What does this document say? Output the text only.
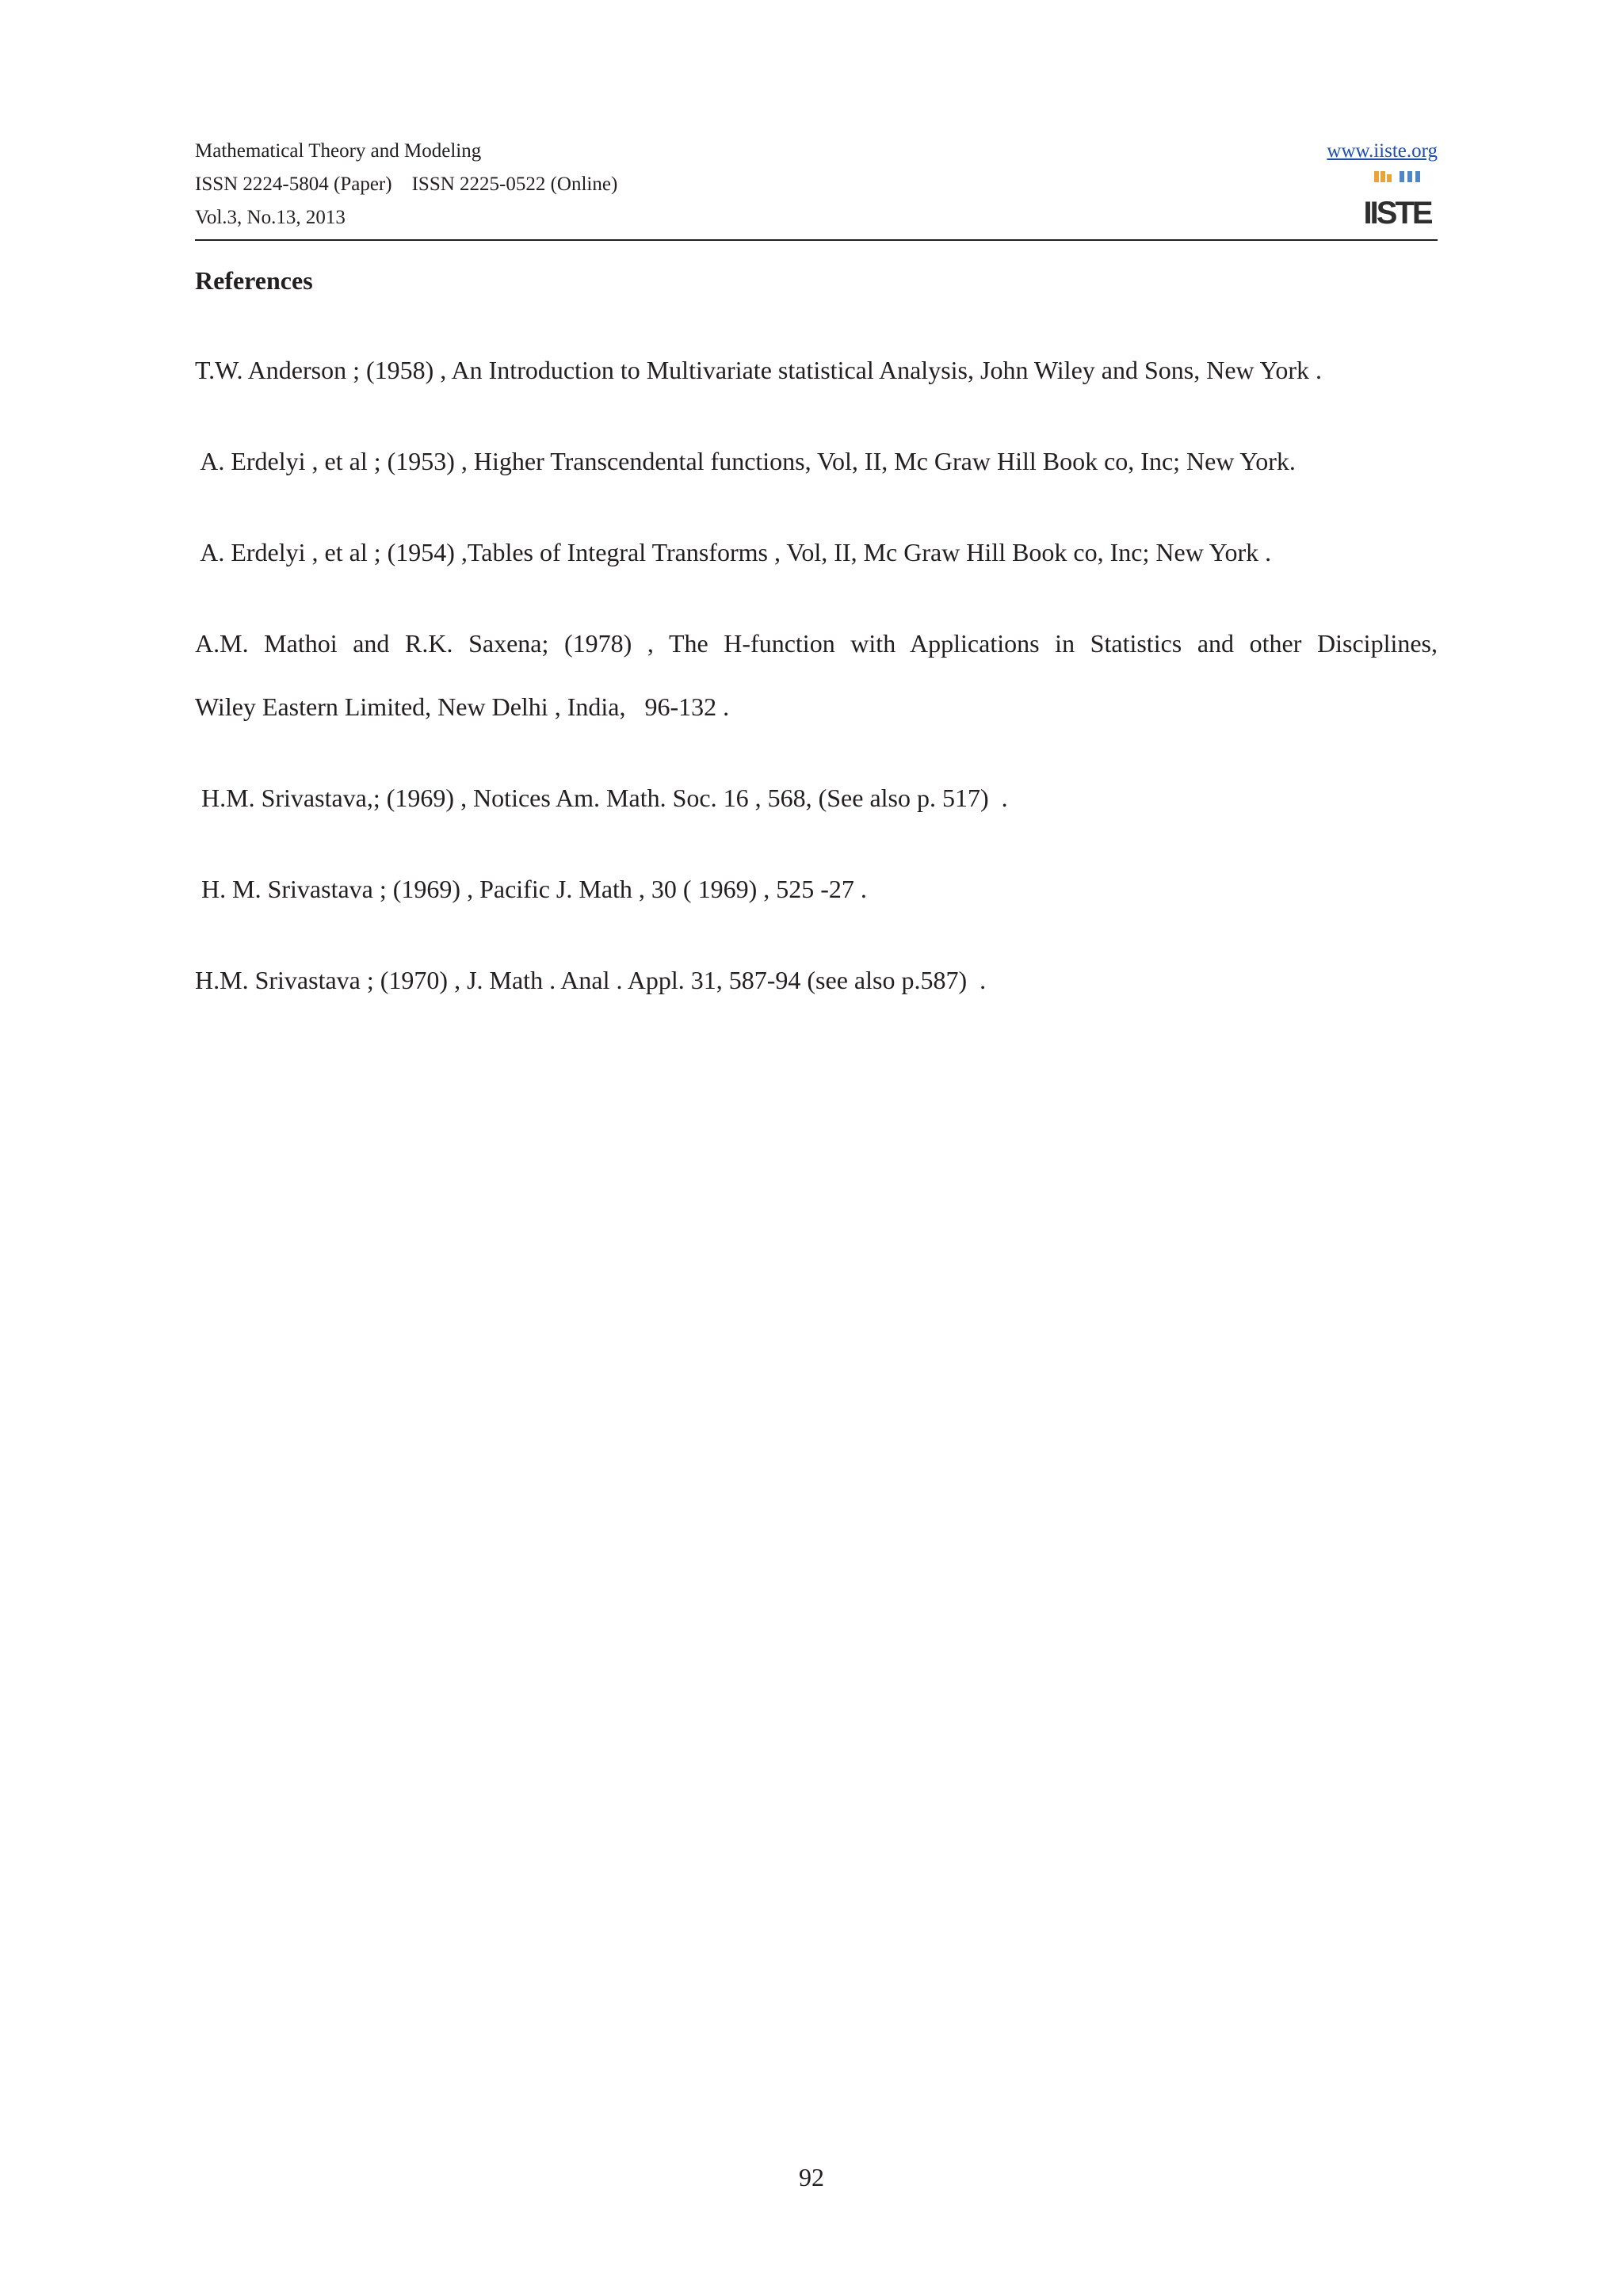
Mathematical Theory and Modeling
ISSN 2224-5804 (Paper)    ISSN 2225-0522 (Online)
Vol.3, No.13, 2013
www.iiste.org
IISTE
References
T.W. Anderson ; (1958) , An Introduction to Multivariate statistical Analysis, John Wiley and Sons, New York .
A. Erdelyi , et al ; (1953) , Higher Transcendental functions, Vol, II, Mc Graw Hill Book co, Inc; New York.
A. Erdelyi , et al ; (1954) ,Tables of Integral Transforms , Vol, II, Mc Graw Hill Book co, Inc; New York .
A.M. Mathoi and R.K. Saxena; (1978) , The H-function with Applications in Statistics and other Disciplines,
Wiley Eastern Limited, New Delhi , India,   96-132 .
H.M. Srivastava,; (1969) , Notices Am. Math. Soc. 16 , 568, (See also p. 517)  .
H. M. Srivastava ; (1969) , Pacific J. Math , 30 ( 1969) , 525 -27 .
H.M. Srivastava ; (1970) , J. Math . Anal . Appl. 31, 587-94 (see also p.587)  .
92
